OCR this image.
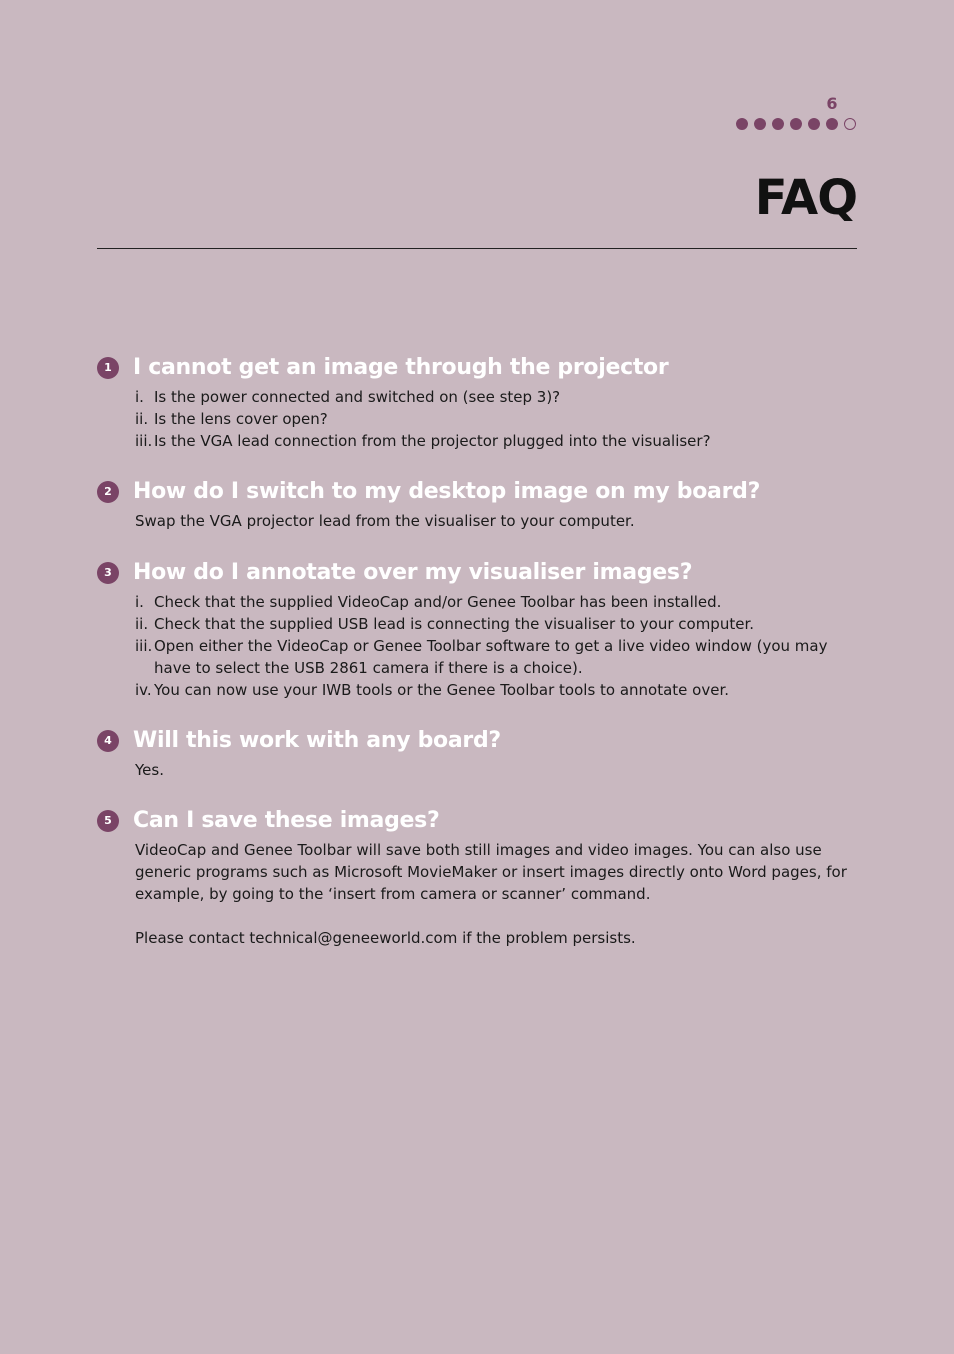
6
FAQ
1 I cannot get an image through the projector
i. Is the power connected and switched on (see step 3)?
ii. Is the lens cover open?
iii. Is the VGA lead connection from the projector plugged into the visualiser?
2 How do I switch to my desktop image on my board?

Swap the VGA projector lead from the visualiser to your computer.

3 How do I annotate over my visualiser images?
i. Check that the supplied VideoCap and/or Genee Toolbar has been installed.
ii. Check that the supplied USB lead is connecting the visualiser to your computer.
iii. Open either the VideoCap or Genee Toolbar software to get a live video window (you may have to select the USB 2861 camera if there is a choice).
iv. You can now use your IWB tools or the Genee Toolbar tools to annotate over.
4 Will this work with any board?

Yes.

5 Can I save these images?

VideoCap and Genee Toolbar will save both still images and video images. You can also use generic programs such as Microsoft MovieMaker or insert images directly onto Word pages, for example, by going to the ‘insert from camera or scanner’ command.

Please contact technical@geneeworld.com if the problem persists.
